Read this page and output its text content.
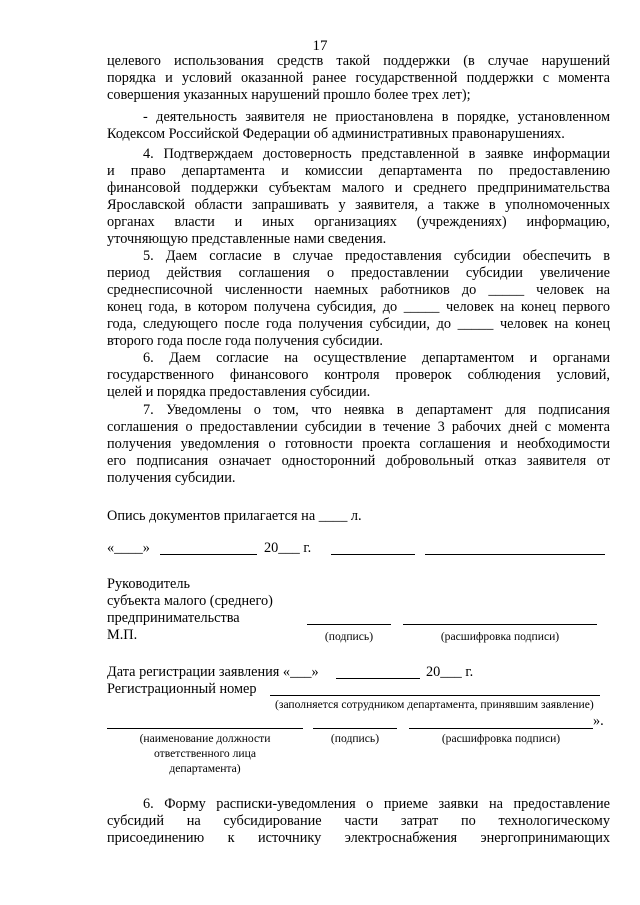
17
целевого использования средств такой поддержки (в случае нарушений
порядка и условий оказанной ранее государственной поддержки с момента
совершения указанных нарушений прошло более трех лет);
- деятельность заявителя не приостановлена в порядке, установленном
Кодексом Российской Федерации об административных правонарушениях.
4. Подтверждаем достоверность представленной в заявке информации
и право департамента и комиссии департамента по предоставлению
финансовой поддержки субъектам малого и среднего предпринимательства
Ярославской области запрашивать у заявителя, а также в уполномоченных
органах власти и иных организациях (учреждениях) информацию,
уточняющую представленные нами сведения.
5. Даем согласие в случае предоставления субсидии обеспечить в
период действия соглашения о предоставлении субсидии увеличение
среднесписочной численности наемных работников до _____ человек на
конец года, в котором получена субсидия, до _____ человек на конец первого
года, следующего после года получения субсидии, до _____ человек на конец
второго года после года получения субсидии.
6. Даем согласие на осуществление департаментом и органами
государственного финансового контроля проверок соблюдения условий,
целей и порядка предоставления субсидии.
7. Уведомлены о том, что неявка в департамент для подписания
соглашения о предоставлении субсидии в течение 3 рабочих дней с момента
получения уведомления о готовности проекта соглашения и необходимости
его подписания означает односторонний добровольный отказ заявителя от
получения субсидии.
Опись документов прилагается на ____ л.
«____»	20___ г.
Руководитель
субъекта малого (среднего)
предпринимательства
М.П.	(подпись)	(расшифровка подписи)
Дата регистрации заявления «___»	20___ г.
Регистрационный номер
(заполняется сотрудником департамента, принявшим заявление)
».
(наименование должности
ответственного лица
департамента)
(подпись)	(расшифровка подписи)
6. Форму расписки-уведомления о приеме заявки на предоставление
субсидий на субсидирование части затрат по технологическому
присоединению к источнику электроснабжения энергопринимающих
